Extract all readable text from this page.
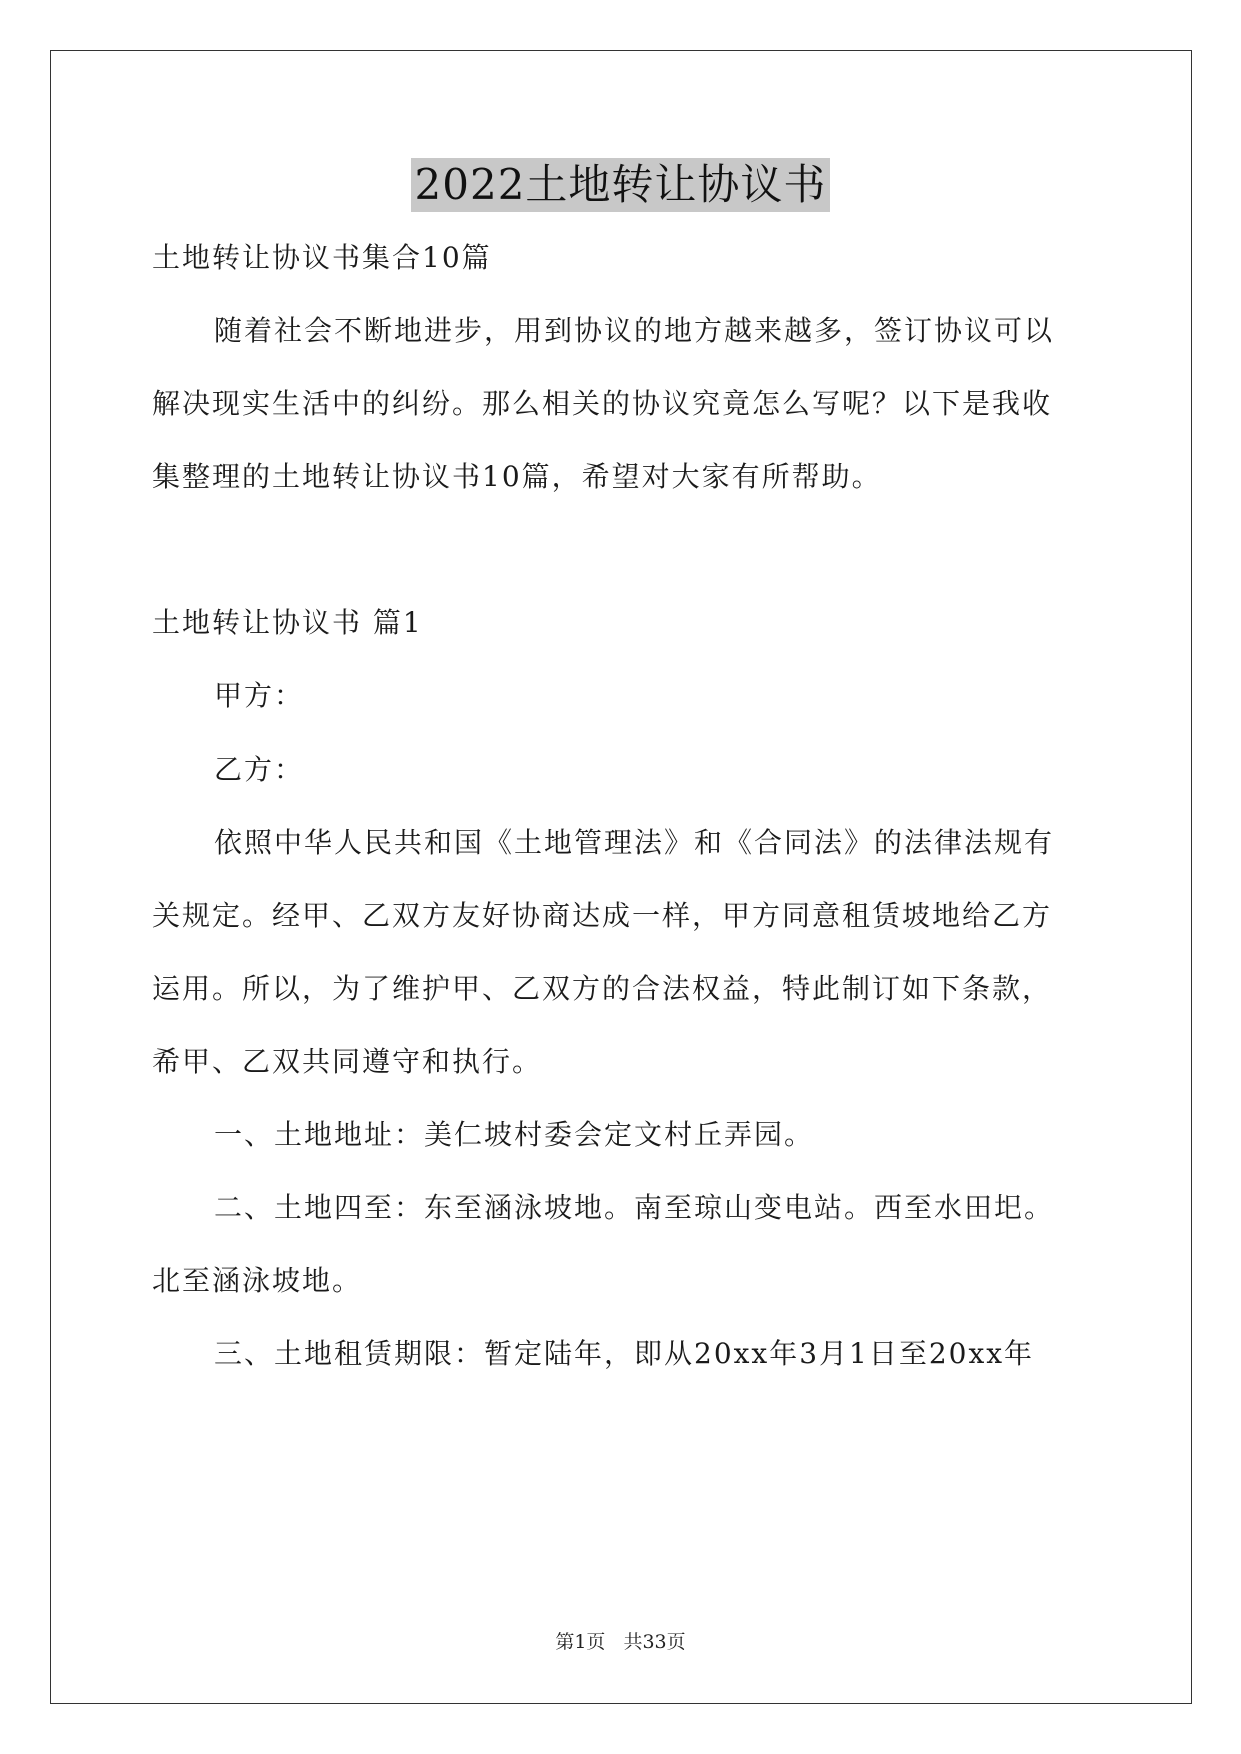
2022土地转让协议书
土地转让协议书集合10篇
随着社会不断地进步，用到协议的地方越来越多，签订协议可以
解决现实生活中的纠纷。那么相关的协议究竟怎么写呢？以下是我收
集整理的土地转让协议书10篇，希望对大家有所帮助。
土地转让协议书 篇1
甲方：
乙方：
依照中华人民共和国《土地管理法》和《合同法》的法律法规有
关规定。经甲、乙双方友好协商达成一样，甲方同意租赁坡地给乙方
运用。所以，为了维护甲、乙双方的合法权益，特此制订如下条款，
希甲、乙双共同遵守和执行。
一、土地地址：美仁坡村委会定文村丘弄园。
二、土地四至：东至涵泳坡地。南至琼山变电站。西至水田圯。
北至涵泳坡地。
三、土地租赁期限：暂定陆年，即从20xx年3月1日至20xx年
第1页 共33页
